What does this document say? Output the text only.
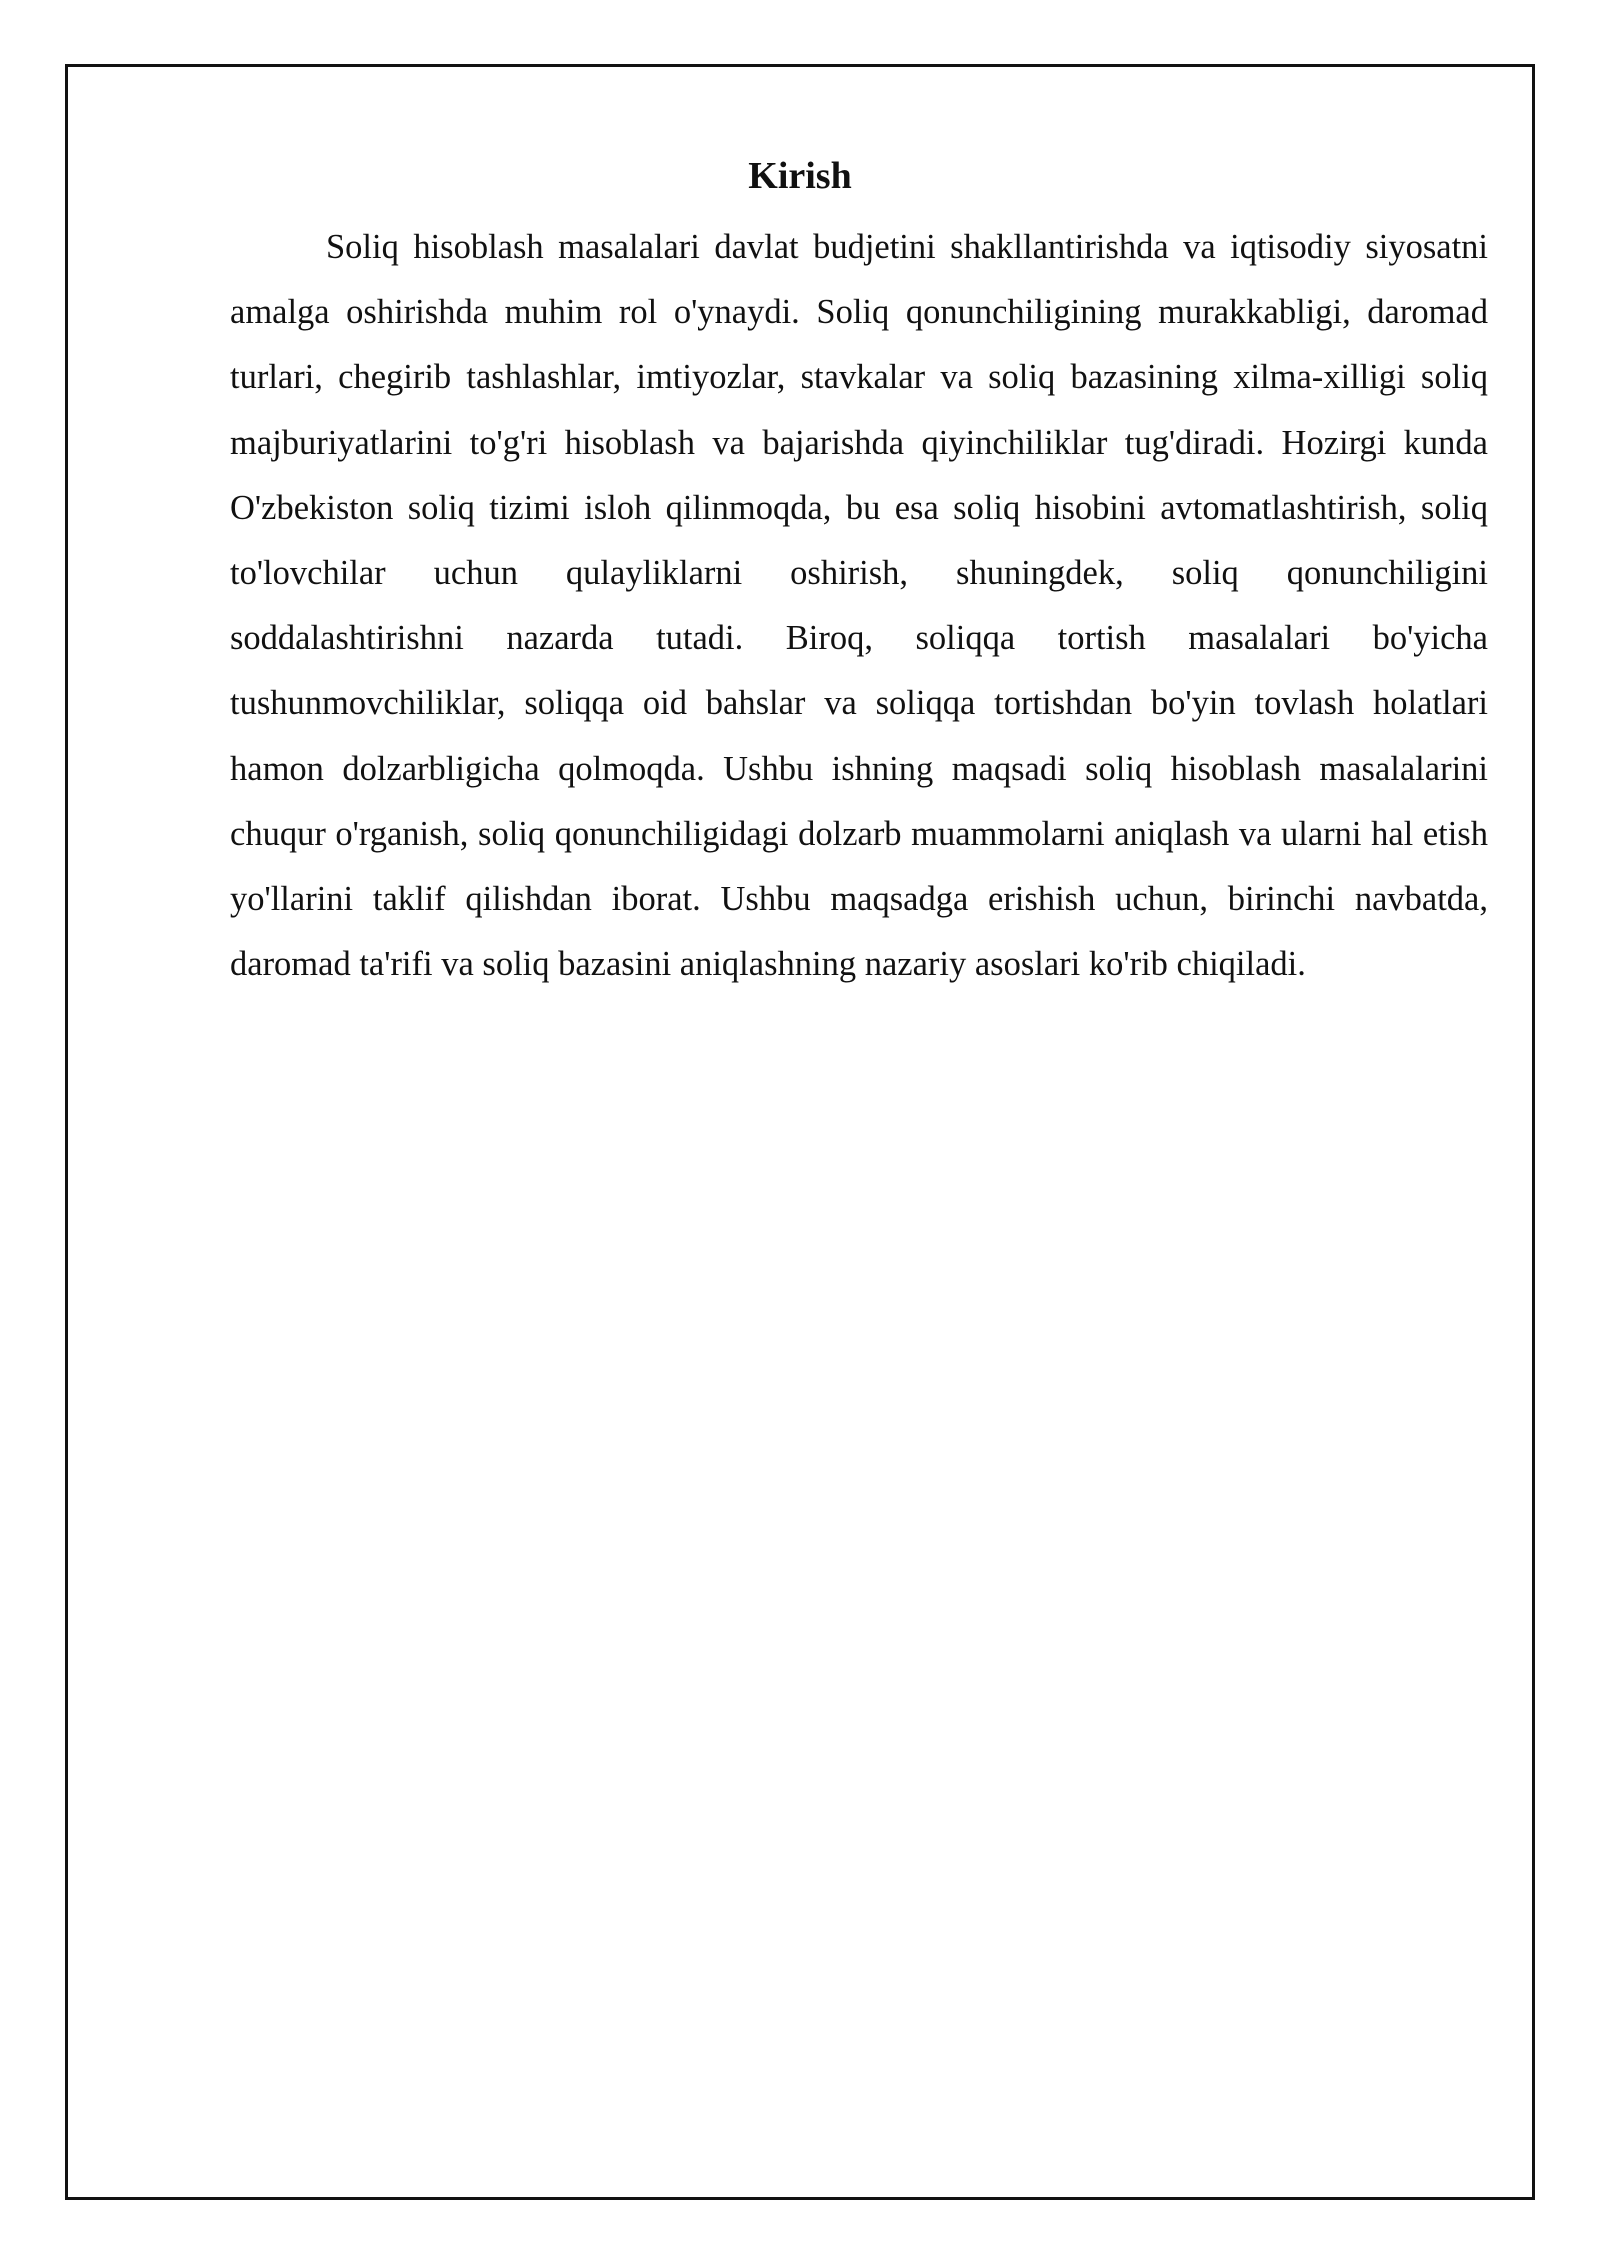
Kirish

Soliq hisoblash masalalari davlat budjetini shakllantirishda va iqtisodiy siyosatni amalga oshirishda muhim rol o'ynaydi. Soliq qonunchiligining murakkabligi, daromad turlari, chegirib tashlashlar, imtiyozlar, stavkalar va soliq bazasining xilma-xilligi soliq majburiyatlarini to'g'ri hisoblash va bajarishda qiyinchiliklar tug'diradi. Hozirgi kunda O'zbekiston soliq tizimi isloh qilinmoqda, bu esa soliq hisobini avtomatlashtirish, soliq to'lovchilar uchun qulayliklarni oshirish, shuningdek, soliq qonunchiligini soddalashtirishni nazarda tutadi. Biroq, soliqqa tortish masalalari bo'yicha tushunmovchiliklar, soliqqa oid bahslar va soliqqa tortishdan bo'yin tovlash holatlari hamon dolzarbligicha qolmoqda. Ushbu ishning maqsadi soliq hisoblash masalalarini chuqur o'rganish, soliq qonunchiligidagi dolzarb muammolarni aniqlash va ularni hal etish yo'llarini taklif qilishdan iborat. Ushbu maqsadga erishish uchun, birinchi navbatda, daromad ta'rifi va soliq bazasini aniqlashning nazariy asoslari ko'rib chiqiladi.
